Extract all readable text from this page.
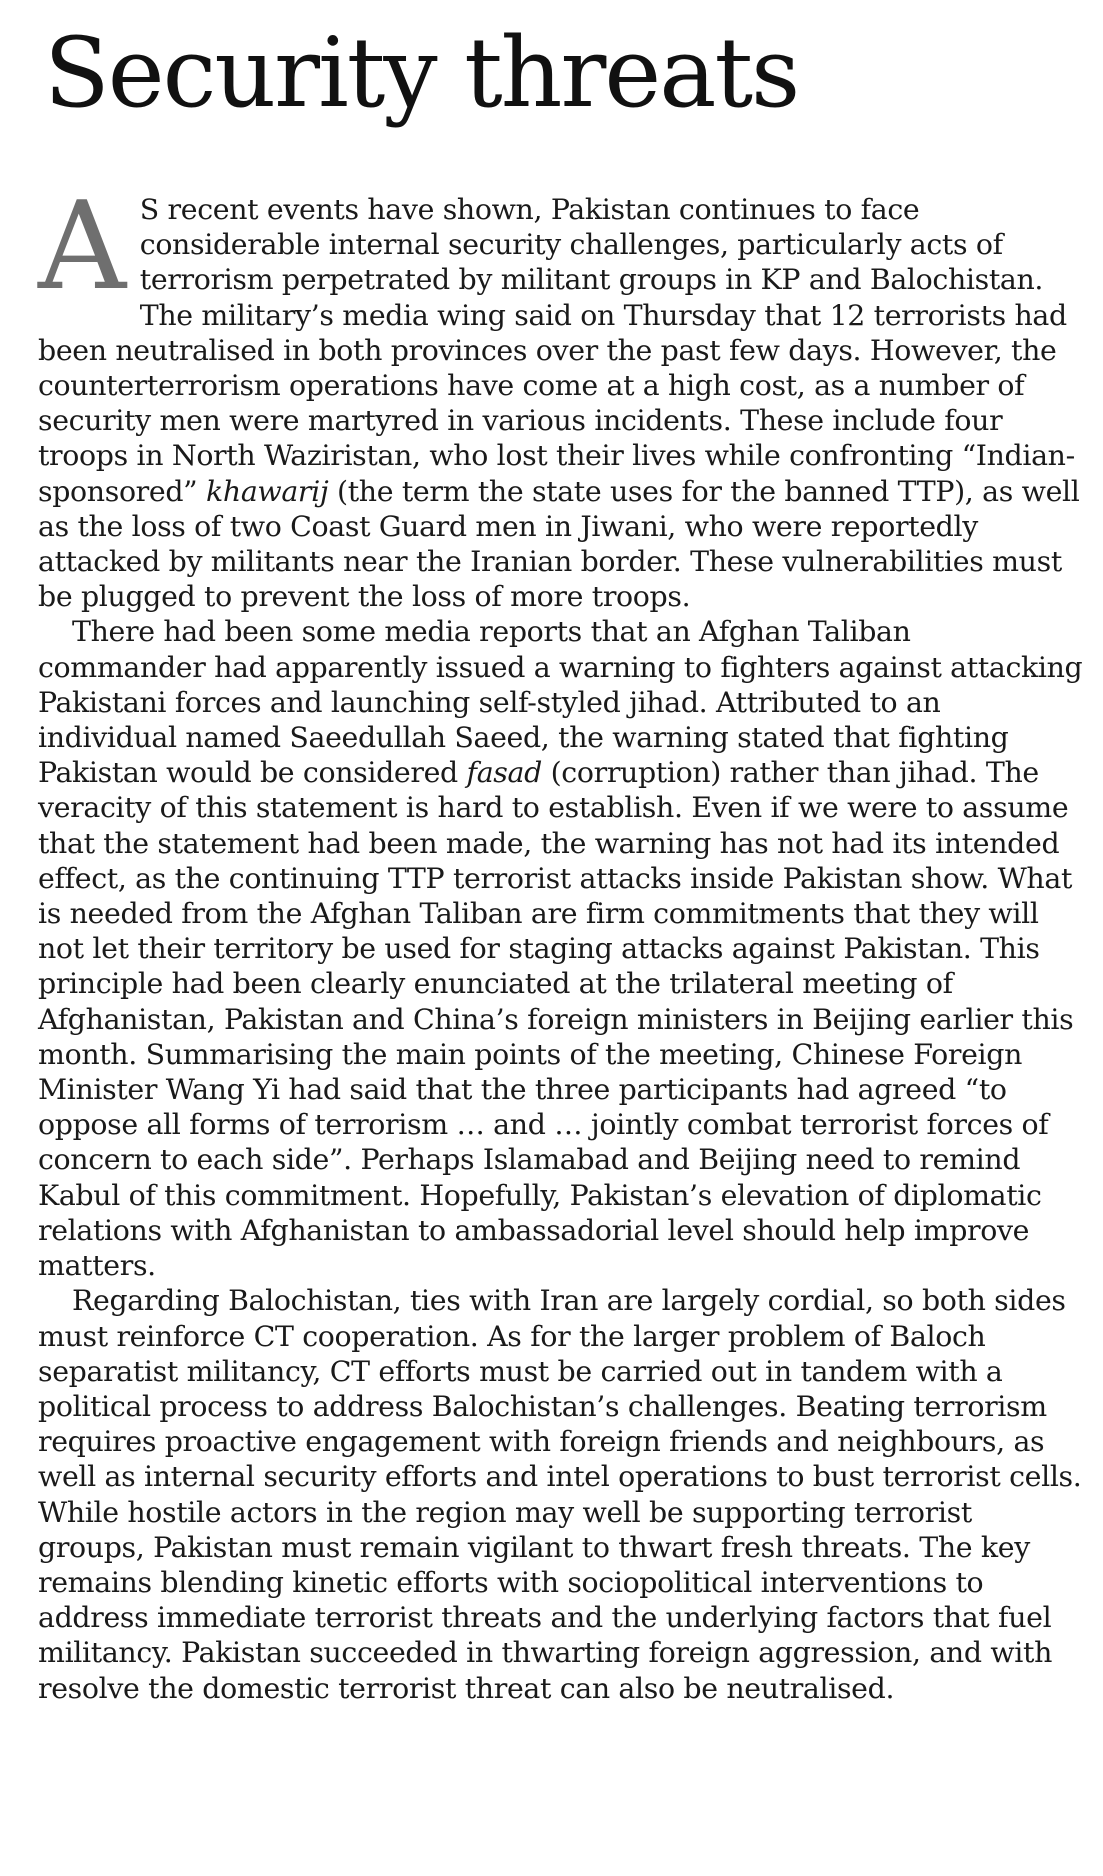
Security threats

A S recent events have shown, Pakistan continues to face considerable internal security challenges, particularly acts of terrorism perpetrated by militant groups in KP and Balochistan. The military’s media wing said on Thursday that 12 terrorists had been neutralised in both provinces over the past few days. However, the counterterrorism operations have come at a high cost, as a number of security men were martyred in various incidents. These include four troops in North Waziristan, who lost their lives while confronting “Indian-sponsored” khawarij (the term the state uses for the banned TTP), as well as the loss of two Coast Guard men in Jiwani, who were reportedly attacked by militants near the Iranian border. These vulnerabilities must be plugged to prevent the loss of more troops.

There had been some media reports that an Afghan Taliban commander had apparently issued a warning to fighters against attacking Pakistani forces and launching self-styled jihad. Attributed to an individual named Saeedullah Saeed, the warning stated that fighting Pakistan would be considered fasad (corruption) rather than jihad. The veracity of this statement is hard to establish. Even if we were to assume that the statement had been made, the warning has not had its intended effect, as the continuing TTP terrorist attacks inside Pakistan show. What is needed from the Afghan Taliban are firm commitments that they will not let their territory be used for staging attacks against Pakistan. This principle had been clearly enunciated at the trilateral meeting of Afghanistan, Pakistan and China’s foreign ministers in Beijing earlier this month. Summarising the main points of the meeting, Chinese Foreign Minister Wang Yi had said that the three participants had agreed “to oppose all forms of terrorism … and … jointly combat terrorist forces of concern to each side”. Perhaps Islamabad and Beijing need to remind Kabul of this commitment. Hopefully, Pakistan’s elevation of diplomatic relations with Afghanistan to ambassadorial level should help improve matters.

Regarding Balochistan, ties with Iran are largely cordial, so both sides must reinforce CT cooperation. As for the larger problem of Baloch separatist militancy, CT efforts must be carried out in tandem with a political process to address Balochistan’s challenges. Beating terrorism requires proactive engagement with foreign friends and neighbours, as well as internal security efforts and intel operations to bust terrorist cells. While hostile actors in the region may well be supporting terrorist groups, Pakistan must remain vigilant to thwart fresh threats. The key remains blending kinetic efforts with sociopolitical interventions to address immediate terrorist threats and the underlying factors that fuel militancy. Pakistan succeeded in thwarting foreign aggression, and with resolve the domestic terrorist threat can also be neutralised.
